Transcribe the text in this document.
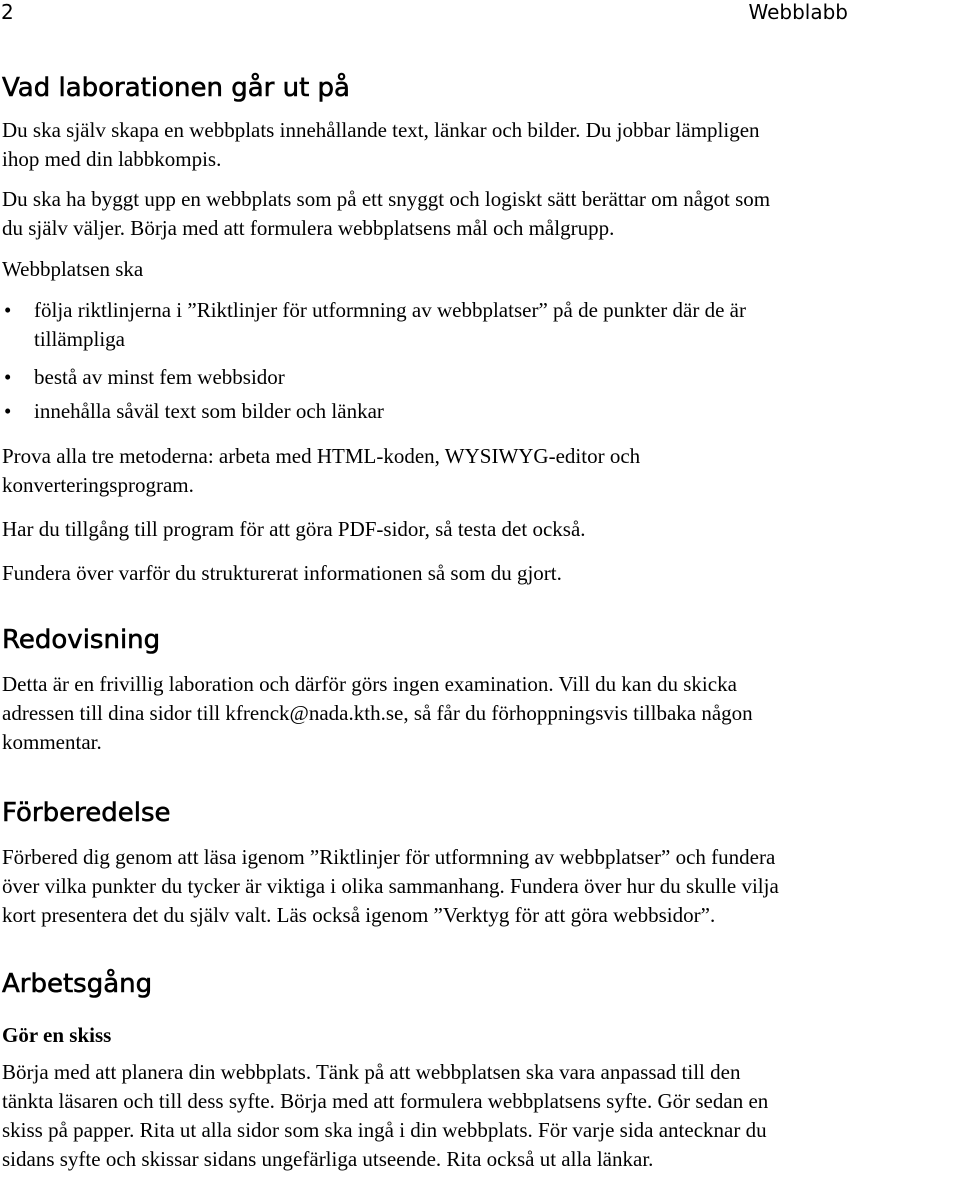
2	Webblabb
Vad laborationen går ut på

Du ska själv skapa en webbplats innehållande text, länkar och bilder. Du jobbar lämpligen
ihop med din labbkompis.

Du ska ha byggt upp en webbplats som på ett snyggt och logiskt sätt berättar om något som
du själv väljer. Börja med att formulera webbplatsens mål och målgrupp.

Webbplatsen ska

• följa riktlinjerna i ”Riktlinjer för utformning av webbplatser” på de punkter där de är
tillämpliga
• bestå av minst fem webbsidor
• innehålla såväl text som bilder och länkar

Prova alla tre metoderna: arbeta med HTML-koden, WYSIWYG-editor och
konverteringsprogram.

Har du tillgång till program för att göra PDF-sidor, så testa det också.

Fundera över varför du strukturerat informationen så som du gjort.

Redovisning

Detta är en frivillig laboration och därför görs ingen examination. Vill du kan du skicka
adressen till dina sidor till kfrenck@nada.kth.se, så får du förhoppningsvis tillbaka någon
kommentar.

Förberedelse

Förbered dig genom att läsa igenom ”Riktlinjer för utformning av webbplatser” och fundera
över vilka punkter du tycker är viktiga i olika sammanhang. Fundera över hur du skulle vilja
kort presentera det du själv valt. Läs också igenom ”Verktyg för att göra webbsidor”.

Arbetsgång

Gör en skiss

Börja med att planera din webbplats. Tänk på att webbplatsen ska vara anpassad till den
tänkta läsaren och till dess syfte. Börja med att formulera webbplatsens syfte. Gör sedan en
skiss på papper. Rita ut alla sidor som ska ingå i din webbplats. För varje sida antecknar du
sidans syfte och skissar sidans ungefärliga utseende. Rita också ut alla länkar.
